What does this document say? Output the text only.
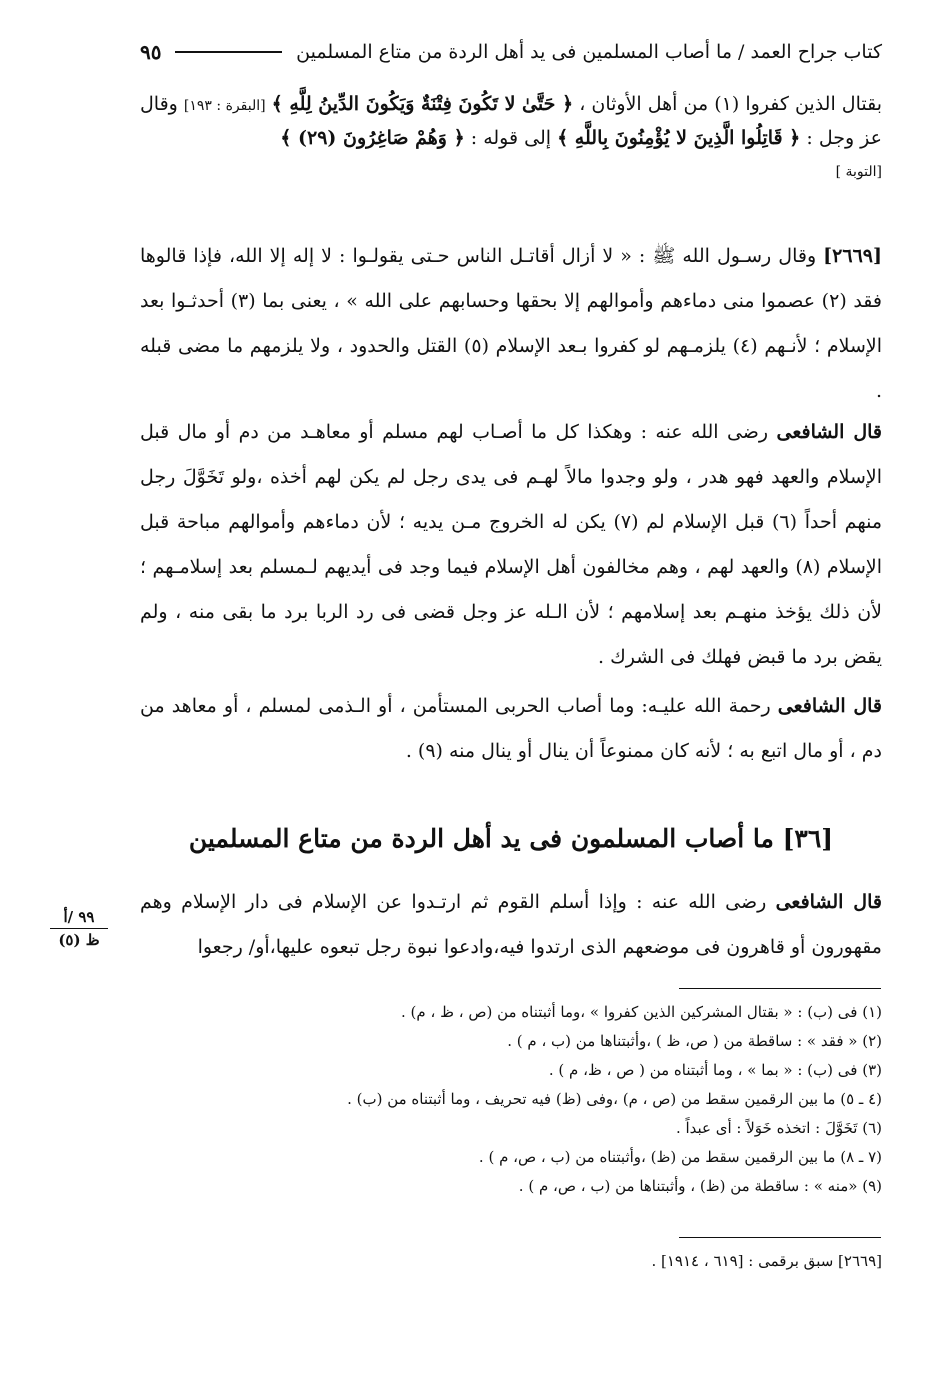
كتاب جراح العمد / ما أصاب المسلمين فى يد أهل الردة من متاع المسلمين
٩٥

بقتال الذين كفروا (١) من أهل الأوثان ، ﴿ حَتَّىٰ لا تَكُونَ فِتْنَةٌ وَيَكُونَ الدِّينُ لِلَّهِ ﴾ [البقرة : ١٩٣] وقال عز وجل : ﴿ قَاتِلُوا الَّذِينَ لا يُؤْمِنُونَ بِاللَّهِ ﴾ إلى قوله : ﴿ وَهُمْ صَاغِرُونَ (٢٩) ﴾
[التوبة ]

[٢٦٦٩] وقال رسـول الله ﷺ : « لا أزال أقاتـل الناس حـتى يقولـوا : لا إله إلا الله، فإذا قالوها فقد (٢) عصموا منى دماءهم وأموالهم إلا بحقها وحسابهم على الله » ، يعنى بما (٣) أحدثـوا بعد الإسلام ؛ لأنـهم (٤) يلزمـهم لو كفروا بـعد الإسلام (٥) القتل والحدود ، ولا يلزمهم ما مضى قبله .

قال الشافعى رضى الله عنه : وهكذا كل ما أصـاب لهم مسلم أو معاهـد من دم أو مال قبل الإسلام والعهد فهو هدر ، ولو وجدوا مالاً لهـم فى يدى رجل لم يكن لهم أخذه ،ولو تَخَوَّلَ رجل منهم أحداً (٦) قبل الإسلام لم (٧) يكن له الخروج مـن يديه ؛ لأن دماءهم وأموالهم مباحة قبل الإسلام (٨) والعهد لهم ، وهم مخالفون أهل الإسلام فيما وجد فى أيديهم لـمسلم بعد إسلامـهم ؛ لأن ذلك يؤخذ منهـم بعد إسلامهم ؛ لأن الـله عز وجل قضى فى رد الربا برد ما بقى منه ، ولم يقض برد ما قبض فهلك فى الشرك .

قال الشافعى رحمة الله عليـه: وما أصاب الحربى المستأمن ، أو الـذمى لمسلم ، أو معاهد من دم ، أو مال اتبع به ؛ لأنه كان ممنوعاً أن ينال أو ينال منه (٩) .

[٣٦] ما أصاب المسلمون فى يد أهل الردة من متاع المسلمين

قال الشافعى رضى الله عنه : وإذا أسلم القوم ثم ارتـدوا عن الإسلام فى دار الإسلام وهم مقهورون أو قاهرون فى موضعهم الذى ارتدوا فيه،وادعوا نبوة رجل تبعوه عليها،أو/ رجعوا

٩٩ /أ
ظ (٥)
(١) فى (ب) : « بقتال المشركين الذين كفروا » ،وما أثبتناه من (ص ، ظ ، م) .
(٢) « فقد » : ساقطة من ( ص، ظ ) ،وأثبتناها من (ب ، م ) .
(٣) فى (ب) : « بما » ، وما أثبتناه من ( ص ، ظ، م ) .
(٤ ـ ٥) ما بين الرقمين سقط من (ص ، م) ،وفى (ظ) فيه تحريف ، وما أثبتناه من (ب) .
(٦) تَخَوَّلَ : اتخذه خَوَلاً : أى عبداً .
(٧ ـ ٨) ما بين الرقمين سقط من (ظ) ،وأثبتناه من (ب ، ص، م ) .
(٩) «منه » : ساقطة من (ظ) ، وأثبتناها من (ب ، ص، م ) .
[٢٦٦٩] سبق برقمى : [٦١٩ ، ١٩١٤] .
